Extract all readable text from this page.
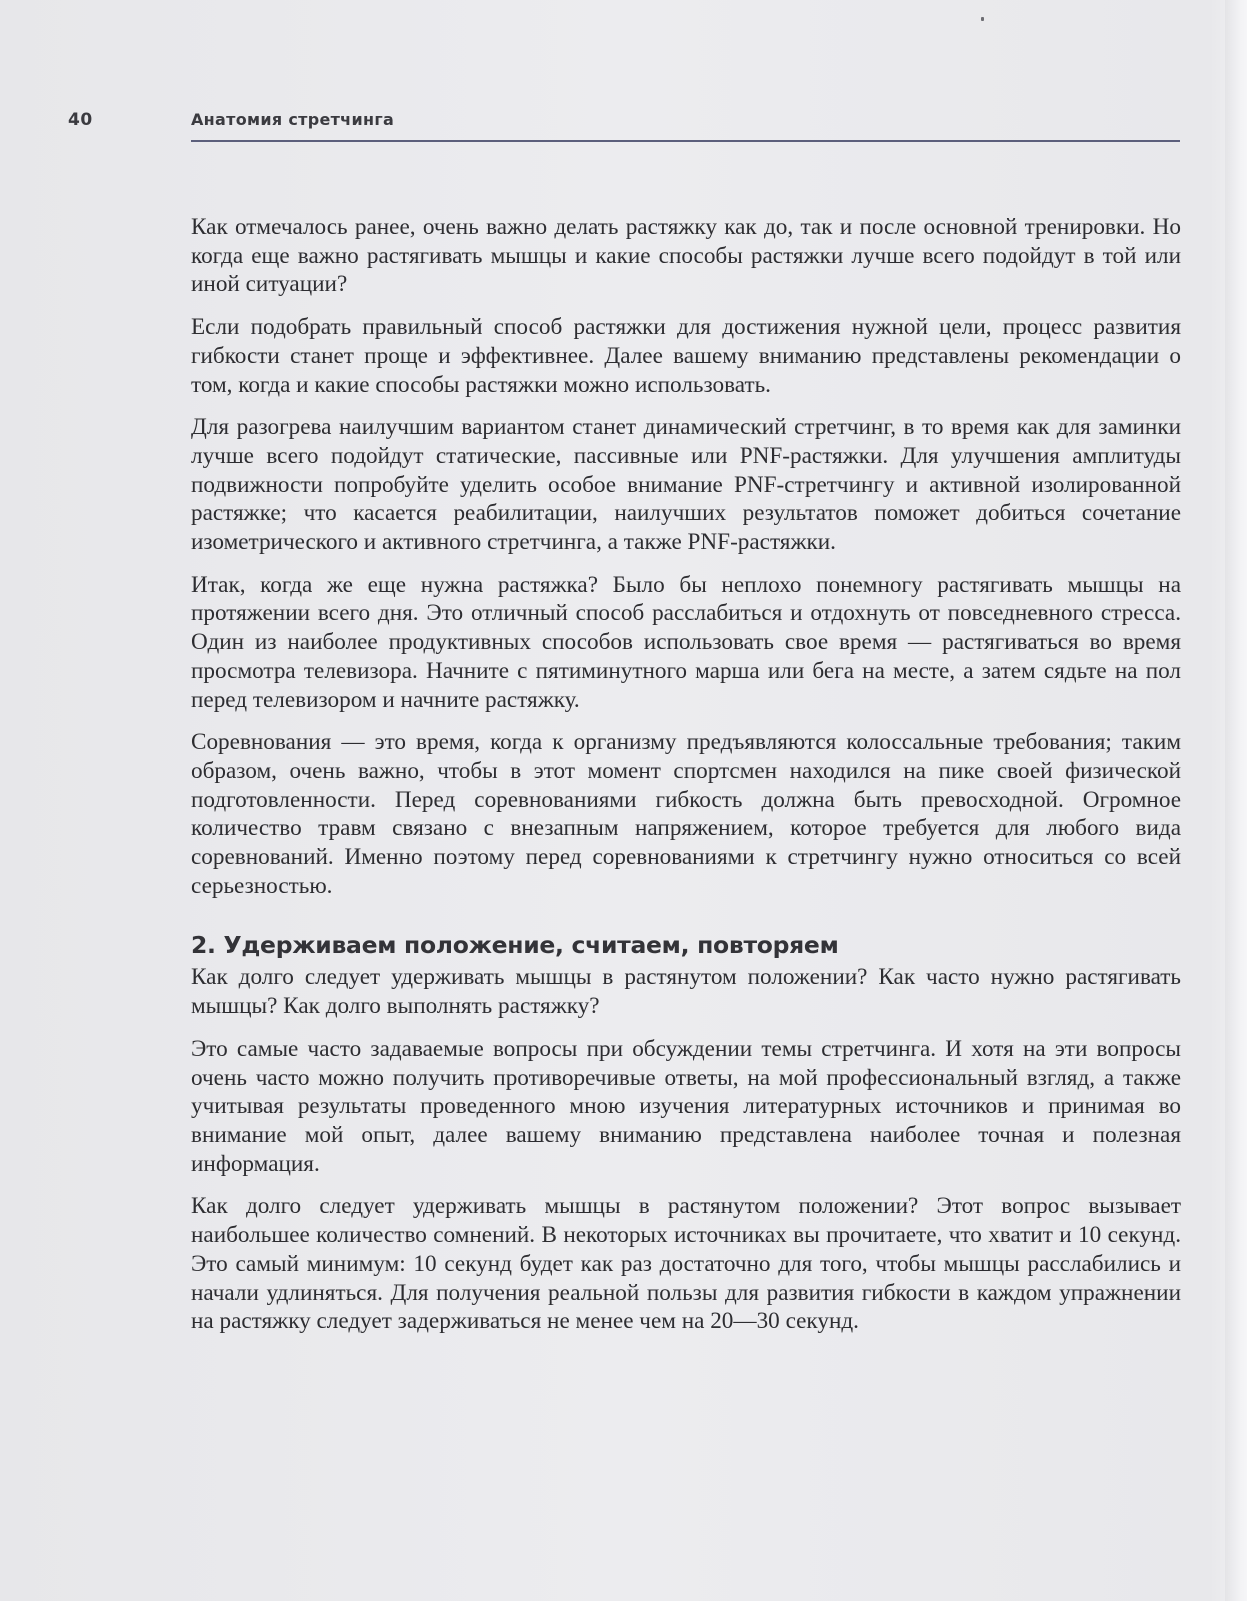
40	Анатомия стретчинга

Как отмечалось ранее, очень важно делать растяжку как до, так и после основной тренировки. Но когда еще важно растягивать мышцы и какие способы растяжки лучше всего подойдут в той или иной ситуации?

Если подобрать правильный способ растяжки для достижения нужной цели, процесс развития гибкости станет проще и эффективнее. Далее вашему вниманию представлены рекомендации о том, когда и какие способы растяжки можно использовать.

Для разогрева наилучшим вариантом станет динамический стретчинг, в то время как для заминки лучше всего подойдут статические, пассивные или PNF-растяжки. Для улучшения амплитуды подвижности попробуйте уделить особое внимание PNF-стретчингу и активной изолированной растяжке; что касается реабилитации, наилучших результатов поможет добиться сочетание изометрического и активного стретчинга, а также PNF-растяжки.

Итак, когда же еще нужна растяжка? Было бы неплохо понемногу растягивать мышцы на протяжении всего дня. Это отличный способ расслабиться и отдохнуть от повседневного стресса. Один из наиболее продуктивных способов использовать свое время — растягиваться во время просмотра телевизора. Начните с пятиминутного марша или бега на месте, а затем сядьте на пол перед телевизором и начните растяжку.

Соревнования — это время, когда к организму предъявляются колоссальные требования; таким образом, очень важно, чтобы в этот момент спортсмен находился на пике своей физической подготовленности. Перед соревнованиями гибкость должна быть превосходной. Огромное количество травм связано с внезапным напряжением, которое требуется для любого вида соревнований. Именно поэтому перед соревнованиями к стретчингу нужно относиться со всей серьезностью.

2. Удерживаем положение, считаем, повторяем

Как долго следует удерживать мышцы в растянутом положении? Как часто нужно растягивать мышцы? Как долго выполнять растяжку?

Это самые часто задаваемые вопросы при обсуждении темы стретчинга. И хотя на эти вопросы очень часто можно получить противоречивые ответы, на мой профессиональный взгляд, а также учитывая результаты проведенного мною изучения литературных источников и принимая во внимание мой опыт, далее вашему вниманию представлена наиболее точная и полезная информация.

Как долго следует удерживать мышцы в растянутом положении? Этот вопрос вызывает наибольшее количество сомнений. В некоторых источниках вы прочитаете, что хватит и 10 секунд. Это самый минимум: 10 секунд будет как раз достаточно для того, чтобы мышцы расслабились и начали удлиняться. Для получения реальной пользы для развития гибкости в каждом упражнении на растяжку следует задерживаться не менее чем на 20—30 секунд.
